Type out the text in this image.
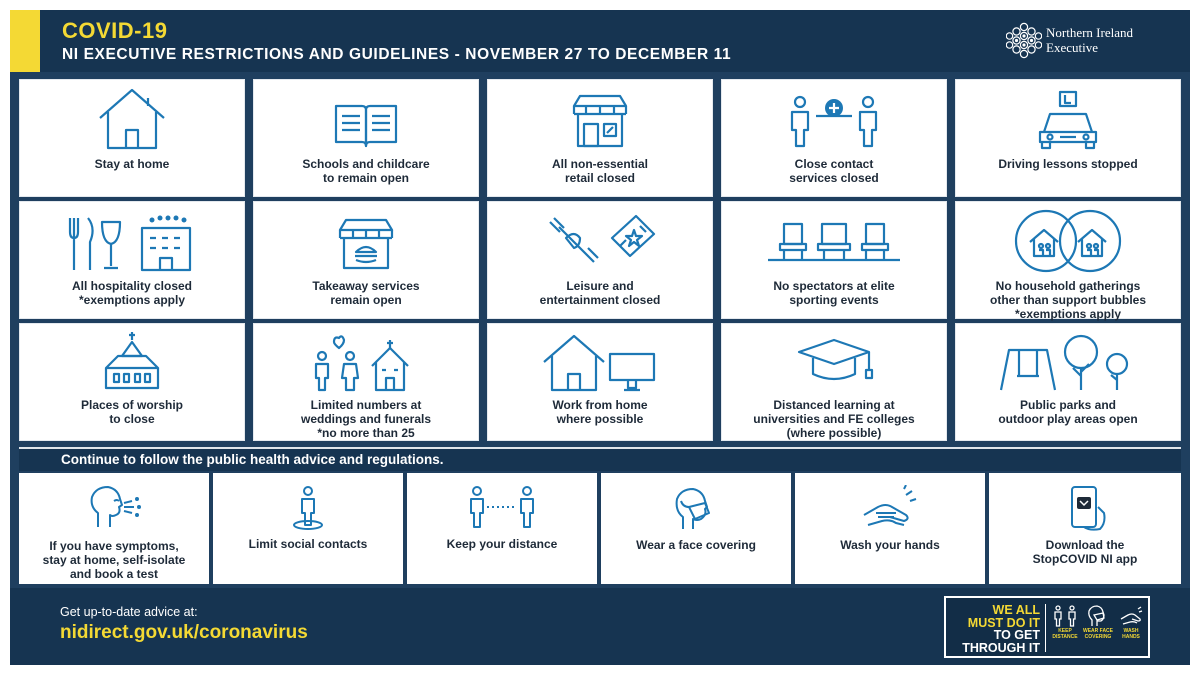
COVID-19
NI EXECUTIVE RESTRICTIONS AND GUIDELINES - NOVEMBER 27 TO DECEMBER 11
Northern Ireland
Executive
Stay at home	Schools and childcare
to remain open
All non-essential
retail closed
Close contact
services closed
Driving lessons stopped
All hospitality closed
*exemptions apply
Takeaway services
remain open
Leisure and
entertainment closed
No spectators at elite
sporting events
No household gatherings
other than support bubbles
*exemptions apply
Places of worship
to close
Limited numbers at
weddings and funerals
*no more than 25
Work from home
where possible
Distanced learning at
universities and FE colleges
(where possible)
Public parks and
outdoor play areas open
Continue to follow the public health advice and regulations.
If you have symptoms,
stay at home, self-isolate
and book a test
Limit social contacts	Keep your distance	Wear a face covering	Wash your hands	Download the
StopCOVID NI app
Get up-to-date advice at:
nidirect.gov.uk/coronavirus
WE ALL
MUST DO IT
TO GET
THROUGH IT
KEEP DISTANCE
WEAR FACE COVERING
WASH HANDS
